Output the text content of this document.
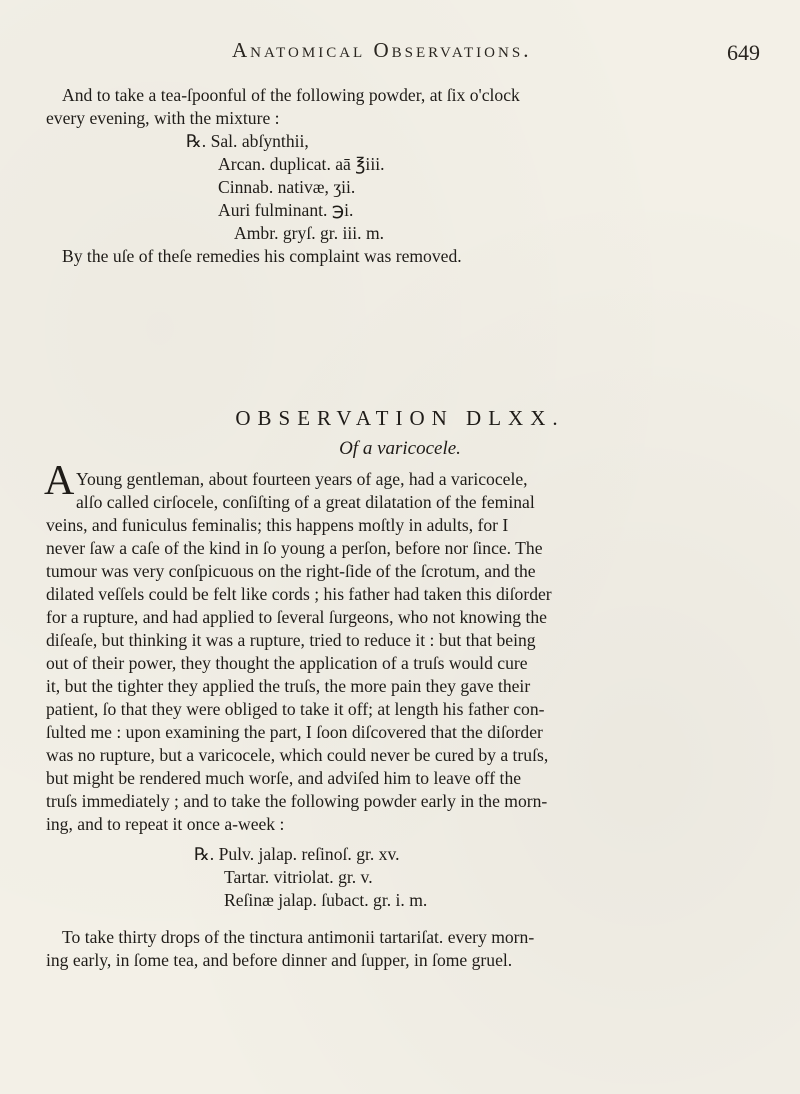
Anatomical Observations.	649
And to take a tea-ſpoonful of the following powder, at ſix o'clock
every evening, with the mixture :
℞. Sal. abſynthii,
Arcan. duplicat. aā ℥iii.
Cinnab. nativæ, ʒii.
Auri fulminant. ℈i.
Ambr. gryſ. gr. iii. m.
By the uſe of theſe remedies his complaint was removed.
OBSERVATION DLXX.
Of a varicocele.
A Young gentleman, about fourteen years of age, had a varicocele,
alſo called cirſocele, conſiſting of a great dilatation of the feminal
veins, and funiculus feminalis; this happens moſtly in adults, for I
never ſaw a caſe of the kind in ſo young a perſon, before nor ſince. The
tumour was very conſpicuous on the right-ſide of the ſcrotum, and the
dilated veſſels could be felt like cords ; his father had taken this diſorder
for a rupture, and had applied to ſeveral ſurgeons, who not knowing the
diſeaſe, but thinking it was a rupture, tried to reduce it : but that being
out of their power, they thought the application of a truſs would cure
it, but the tighter they applied the truſs, the more pain they gave their
patient, ſo that they were obliged to take it off; at length his father con-
ſulted me : upon examining the part, I ſoon diſcovered that the diſorder
was no rupture, but a varicocele, which could never be cured by a truſs,
but might be rendered much worſe, and adviſed him to leave off the
truſs immediately ; and to take the following powder early in the morn-
ing, and to repeat it once a-week :
℞. Pulv. jalap. reſinoſ. gr. xv.
Tartar. vitriolat. gr. v.
Reſinæ jalap. ſubact. gr. i. m.
To take thirty drops of the tinctura antimonii tartariſat. every morn-
ing early, in ſome tea, and before dinner and ſupper, in ſome gruel.
